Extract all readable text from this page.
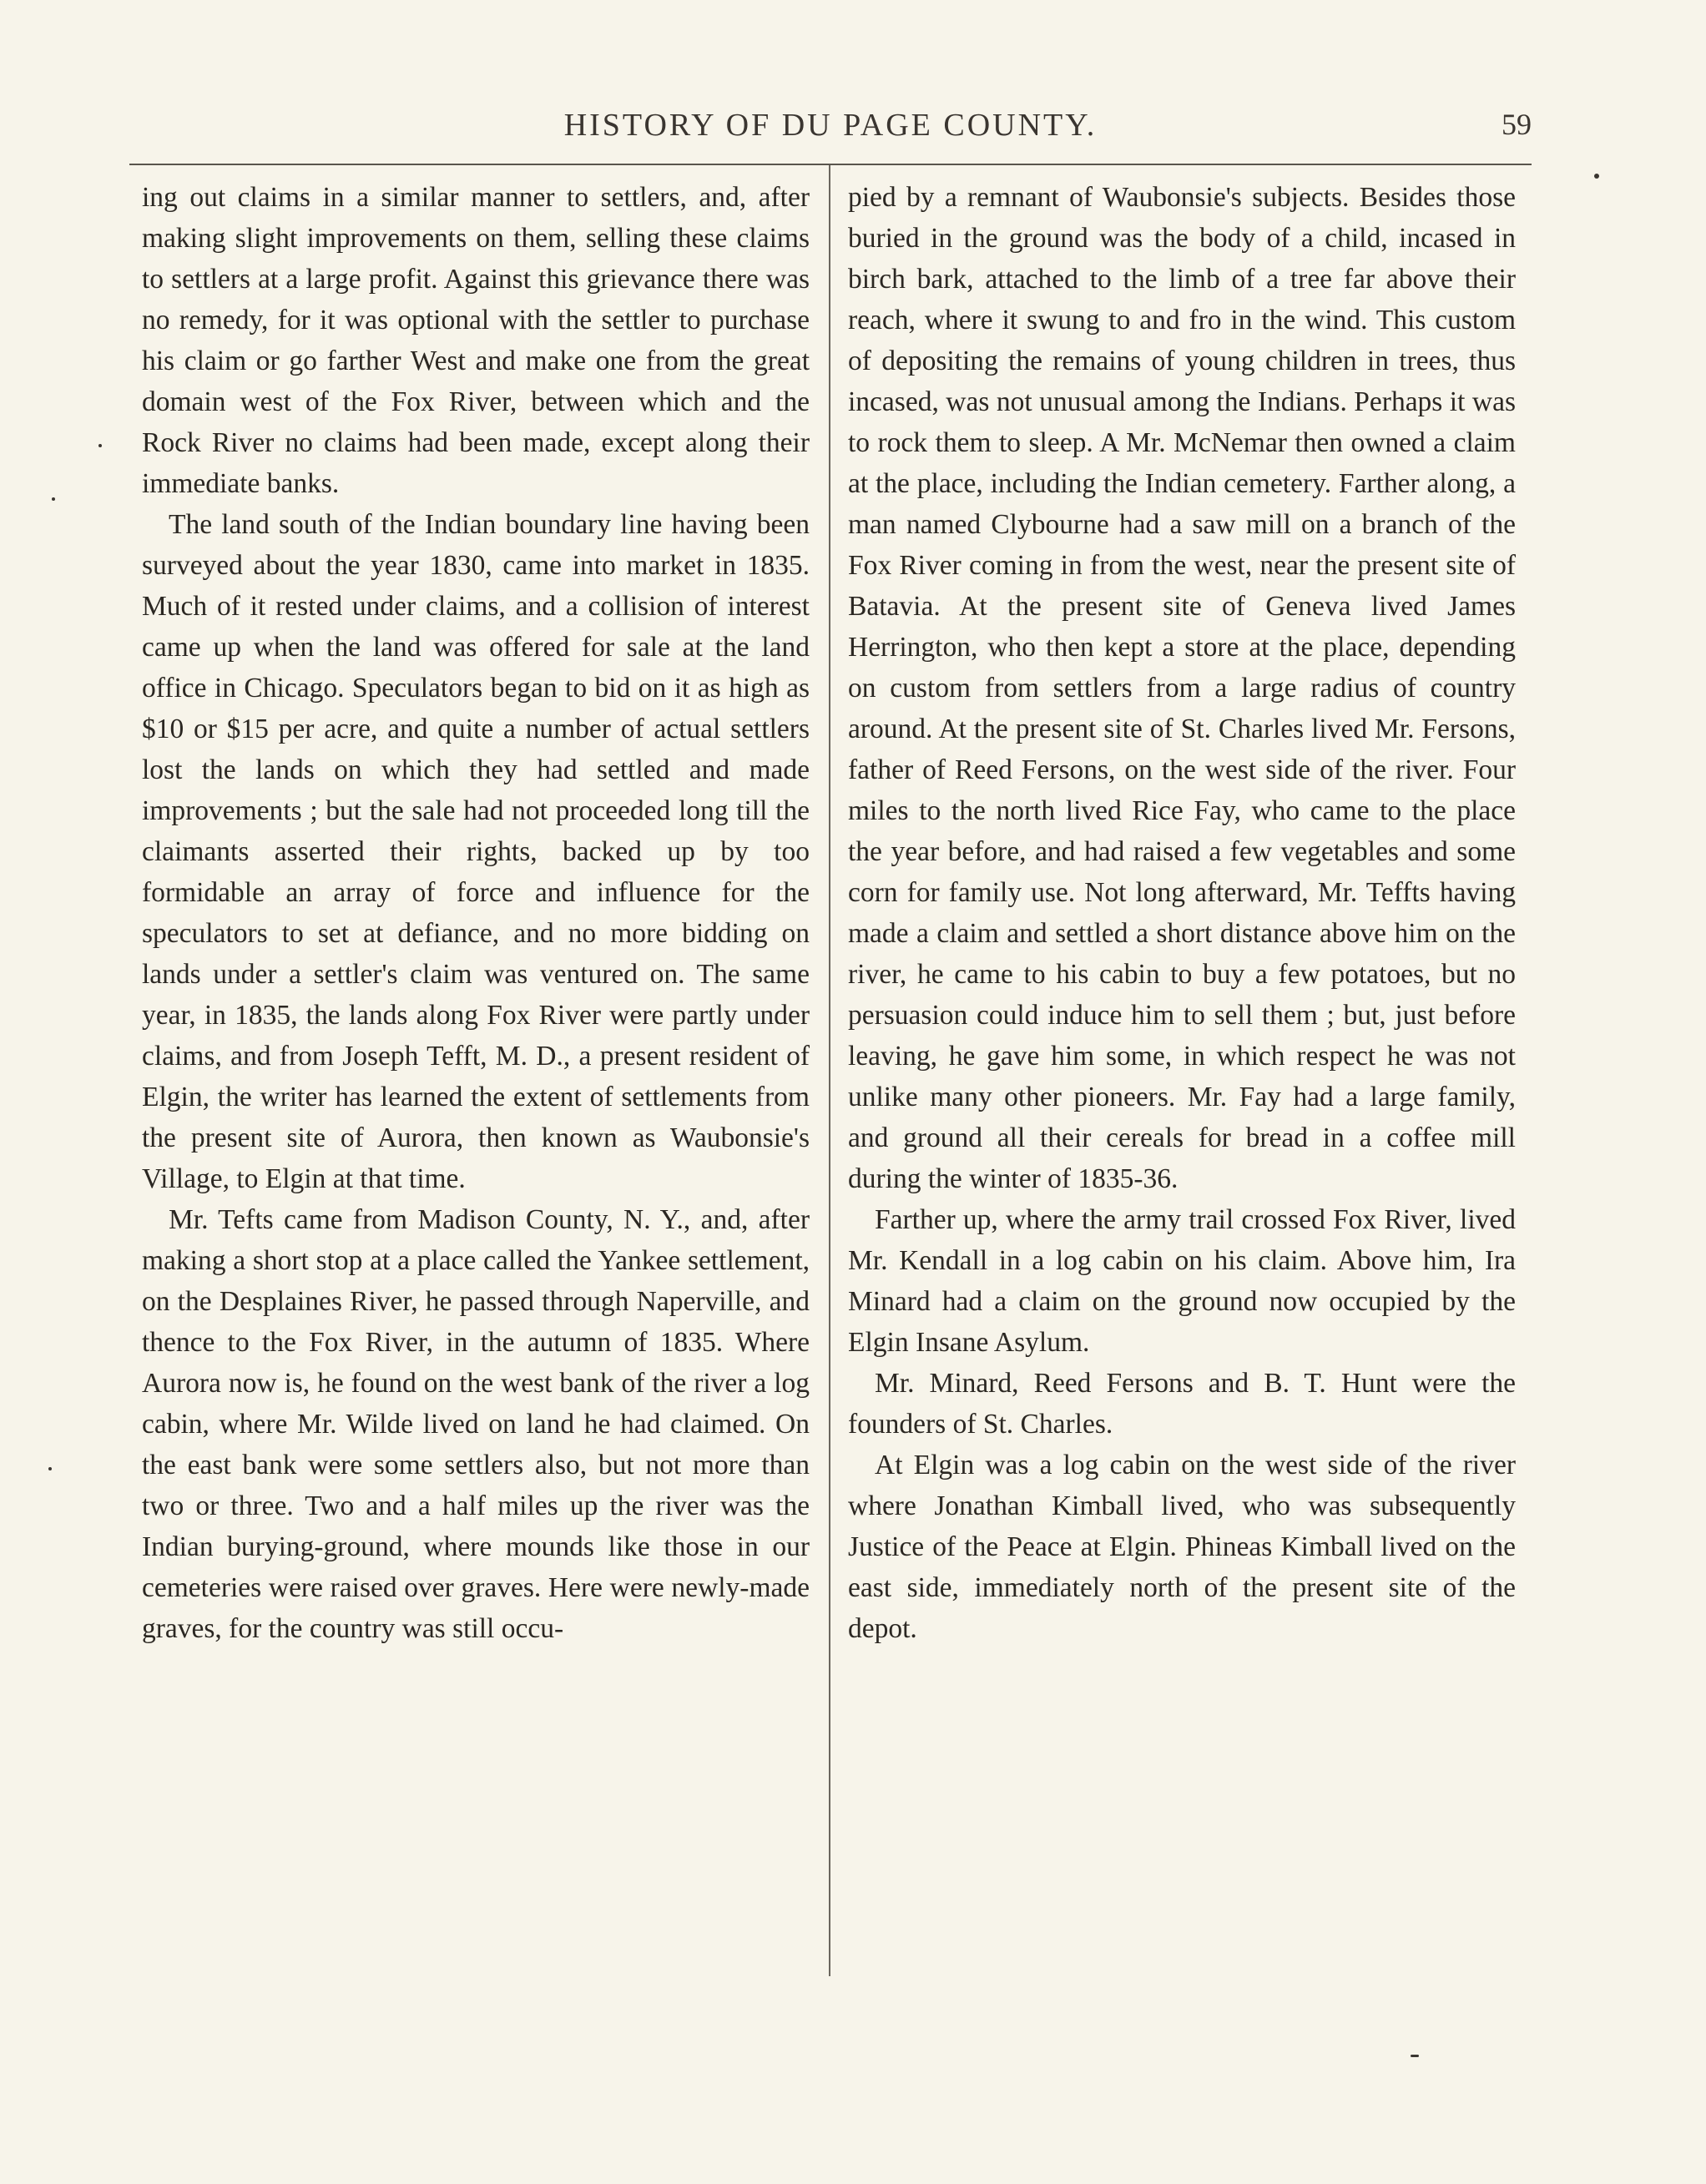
HISTORY OF DU PAGE COUNTY.	59

ing out claims in a similar manner to settlers, and, after making slight improvements on them, selling these claims to settlers at a large profit. Against this grievance there was no remedy, for it was optional with the settler to purchase his claim or go farther West and make one from the great domain west of the Fox River, between which and the Rock River no claims had been made, except along their immediate banks.

The land south of the Indian boundary line having been surveyed about the year 1830, came into market in 1835. Much of it rested under claims, and a collision of interest came up when the land was offered for sale at the land office in Chicago. Speculators began to bid on it as high as $10 or $15 per acre, and quite a number of actual settlers lost the lands on which they had settled and made improvements ; but the sale had not proceeded long till the claimants asserted their rights, backed up by too formidable an array of force and influence for the speculators to set at defiance, and no more bidding on lands under a settler's claim was ventured on. The same year, in 1835, the lands along Fox River were partly under claims, and from Joseph Tefft, M. D., a present resident of Elgin, the writer has learned the extent of settlements from the present site of Aurora, then known as Waubonsie's Village, to Elgin at that time.

Mr. Tefts came from Madison County, N. Y., and, after making a short stop at a place called the Yankee settlement, on the Desplaines River, he passed through Naperville, and thence to the Fox River, in the autumn of 1835. Where Aurora now is, he found on the west bank of the river a log cabin, where Mr. Wilde lived on land he had claimed. On the east bank were some settlers also, but not more than two or three. Two and a half miles up the river was the Indian burying-ground, where mounds like those in our cemeteries were raised over graves. Here were newly-made graves, for the country was still occu-

pied by a remnant of Waubonsie's subjects. Besides those buried in the ground was the body of a child, incased in birch bark, attached to the limb of a tree far above their reach, where it swung to and fro in the wind. This custom of depositing the remains of young children in trees, thus incased, was not unusual among the Indians. Perhaps it was to rock them to sleep. A Mr. McNemar then owned a claim at the place, including the Indian cemetery. Farther along, a man named Clybourne had a saw mill on a branch of the Fox River coming in from the west, near the present site of Batavia. At the present site of Geneva lived James Herrington, who then kept a store at the place, depending on custom from settlers from a large radius of country around. At the present site of St. Charles lived Mr. Fersons, father of Reed Fersons, on the west side of the river. Four miles to the north lived Rice Fay, who came to the place the year before, and had raised a few vegetables and some corn for family use. Not long afterward, Mr. Teffts having made a claim and settled a short distance above him on the river, he came to his cabin to buy a few potatoes, but no persuasion could induce him to sell them ; but, just before leaving, he gave him some, in which respect he was not unlike many other pioneers. Mr. Fay had a large family, and ground all their cereals for bread in a coffee mill during the winter of 1835-36.

Farther up, where the army trail crossed Fox River, lived Mr. Kendall in a log cabin on his claim. Above him, Ira Minard had a claim on the ground now occupied by the Elgin Insane Asylum.

Mr. Minard, Reed Fersons and B. T. Hunt were the founders of St. Charles.

At Elgin was a log cabin on the west side of the river where Jonathan Kimball lived, who was subsequently Justice of the Peace at Elgin. Phineas Kimball lived on the east side, immediately north of the present site of the depot.
